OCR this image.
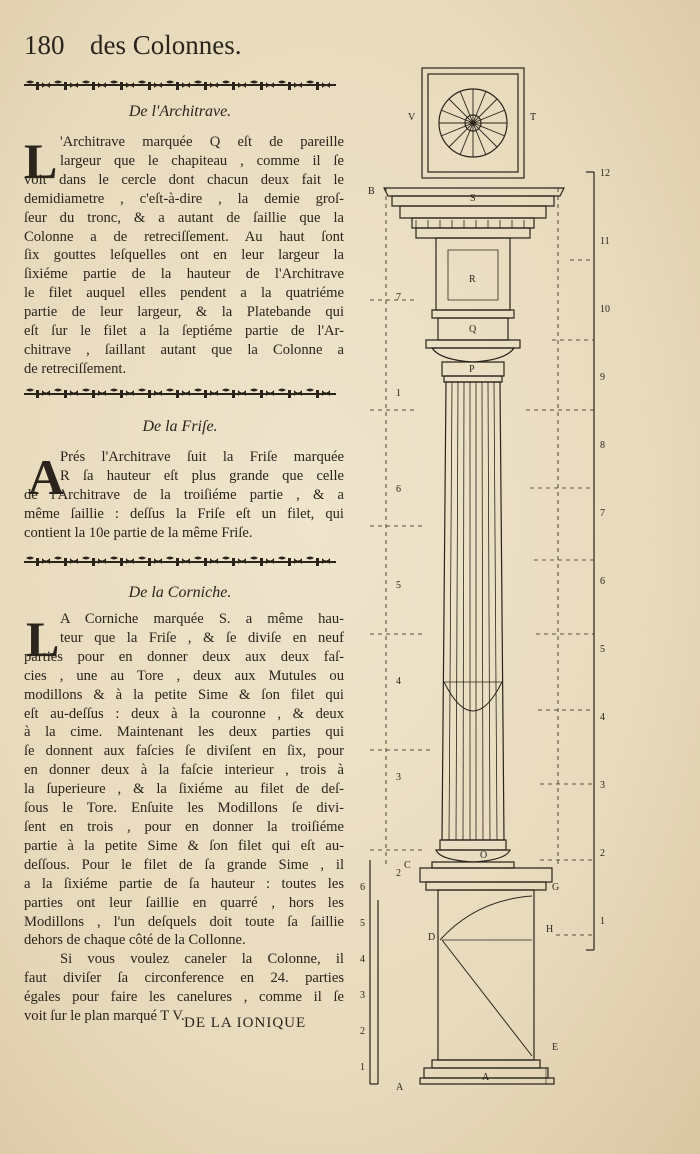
180 des Colonnes.
De l'Architrave.
L 'Architrave marquée Q eſt de pareille
largeur que le chapiteau , comme il ſe
voit dans le cercle dont chacun deux fait le
demidiametre , c'eſt-à-dire , la demie groſ-
ſeur du tronc, & a autant de ſaillie que la
Colonne a de retreciſſement. Au haut ſont
ſix gouttes leſquelles ont en leur largeur la
ſixiéme partie de la hauteur de l'Architrave
le filet auquel elles pendent a la quatriéme
partie de leur largeur, & la Platebande qui
eſt ſur le filet a la ſeptiéme partie de l'Ar-
chitrave , ſaillant autant que la Colonne a
de retreciſſement.
De la Friſe.
A
Prés l'Architrave ſuit la Friſe marquée
R ſa hauteur eſt plus grande que celle
de l'Architrave de la troiſiéme partie , & a
même ſaillie : deſſus la Friſe eſt un filet, qui
contient la 10e partie de la même Friſe.
De la Corniche.
L A Corniche marquée S. a même hau-
teur que la Friſe , & ſe diviſe en neuf
parties pour en donner deux aux deux faſ-
cies , une au Tore , deux aux Mutules ou
modillons & à la petite Sime & ſon filet qui
eſt au-deſſus : deux à la couronne , & deux
à la cime. Maintenant les deux parties qui
ſe donnent aux faſcies ſe diviſent en ſix, pour
en donner deux à la faſcie interieur , trois à
la ſuperieure , & la ſixiéme au filet de deſ-
ſous le Tore. Enſuite les Modillons ſe divi-
ſent en trois , pour en donner la troiſiéme
partie à la petite Sime & ſon filet qui eſt au-
deſſous. Pour le filet de ſa grande Sime , il
a la ſixiéme partie de ſa hauteur : toutes les
parties ont leur ſaillie en quarré , hors les
Modillons , l'un deſquels doit toute ſa ſaillie
dehors de chaque côté de la Collonne.
Si vous voulez caneler la Colonne, il
faut diviſer ſa circonference en 24. parties
égales pour faire les canelures , comme il ſe
voit ſur le plan marqué T V. DE LA IONIQUE
V	T
B
S
R
Q
P
O
C
G
D
H
E
A
A
12
11
10
9
8
7
6
5
4
3
2
1
7
1
6
5
4
3
2
6
5
4
3
2
1
